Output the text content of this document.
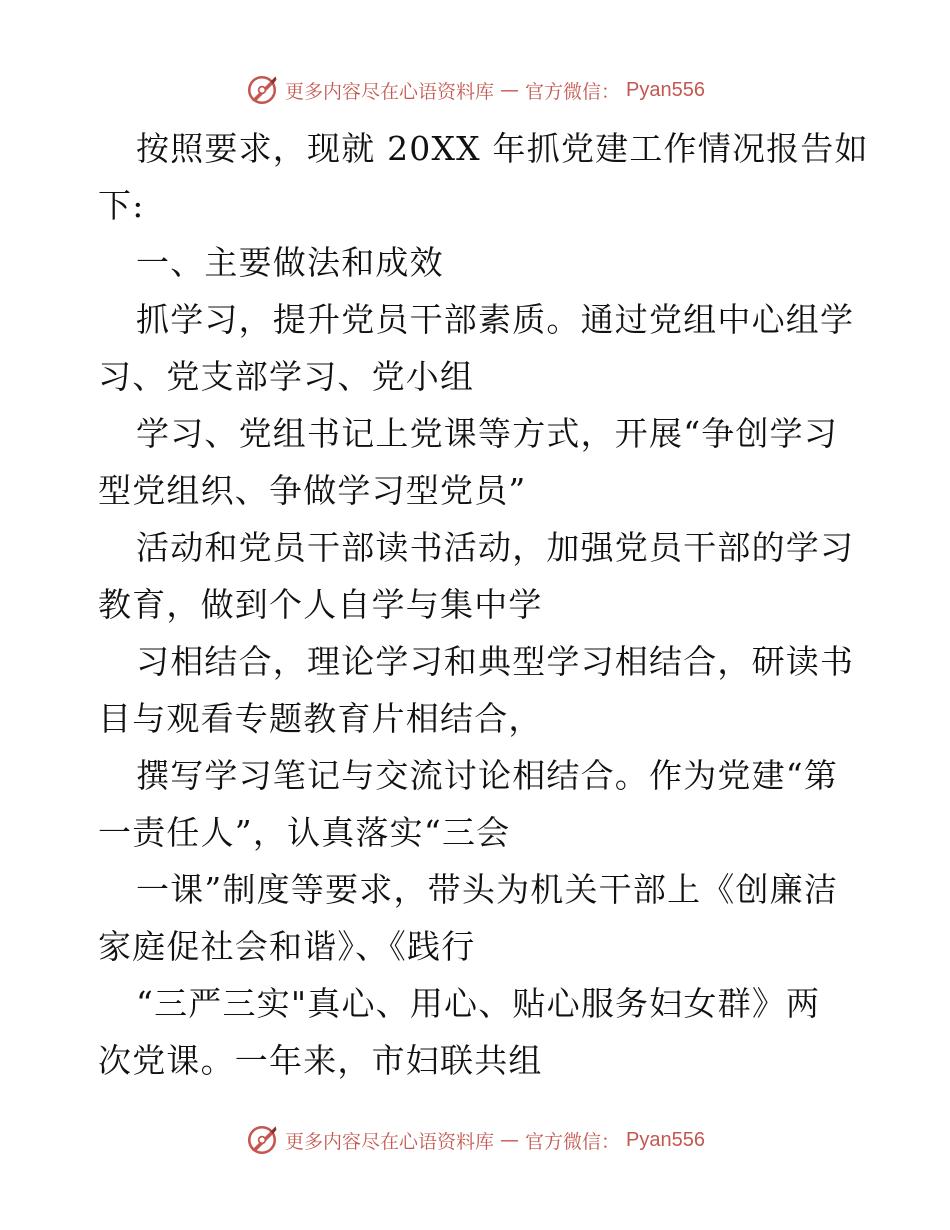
更多内容尽在心语资料库 — 官方微信： Pyan556
按照要求，现就 20XX 年抓党建工作情况报告如
下:
一、主要做法和成效
抓学习，提升党员干部素质。通过党组中心组学
习、党支部学习、党小组
学习、党组书记上党课等方式，开展“争创学习
型党组织、争做学习型党员”
活动和党员干部读书活动，加强党员干部的学习
教育，做到个人自学与集中学
习相结合，理论学习和典型学习相结合，研读书
目与观看专题教育片相结合，
撰写学习笔记与交流讨论相结合。作为党建“第
一责任人”，认真落实“三会
一课”制度等要求，带头为机关干部上《创廉洁
家庭促社会和谐》、《践行
“三严三实"真心、用心、贴心服务妇女群》两
次党课。一年来，市妇联共组
更多内容尽在心语资料库 — 官方微信： Pyan556
